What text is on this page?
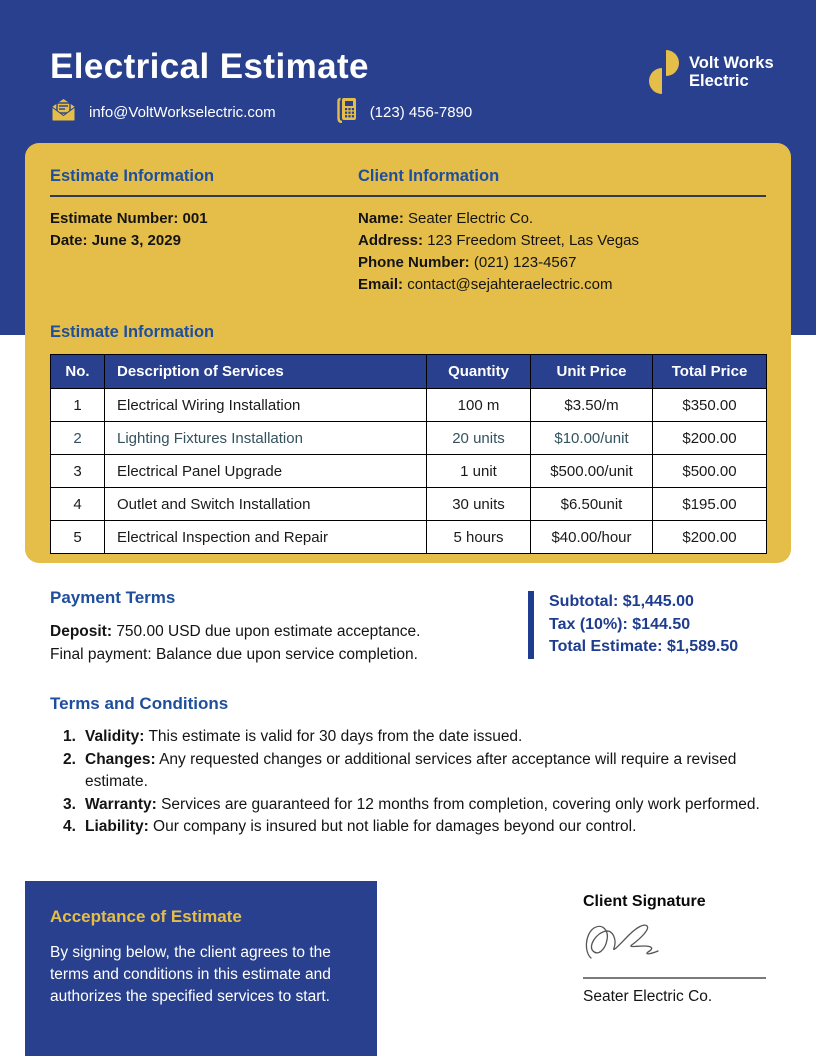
Electrical Estimate
info@VoltWorkselectric.com	(123) 456-7890
Volt Works
Electric
Estimate Information	Client Information
Estimate Number: 001
Date: June 3, 2029
Name: Seater Electric Co.
Address: 123 Freedom Street, Las Vegas
Phone Number: (021) 123-4567
Email: contact@sejahteraelectric.com
Estimate Information
No.	Description of Services	Quantity	Unit Price	Total Price
1	Electrical Wiring Installation	100 m	$3.50/m	$350.00
2	Lighting Fixtures Installation	20 units	$10.00/unit	$200.00
3	Electrical Panel Upgrade	1 unit	$500.00/unit	$500.00
4	Outlet and Switch Installation	30 units	$6.50unit	$195.00
5	Electrical Inspection and Repair	5 hours	$40.00/hour	$200.00
Payment Terms
Deposit: 750.00 USD due upon estimate acceptance.
Final payment: Balance due upon service completion.
Subtotal: $1,445.00
Tax (10%): $144.50
Total Estimate: $1,589.50
Terms and Conditions
1. Validity: This estimate is valid for 30 days from the date issued.
2. Changes: Any requested changes or additional services after acceptance will require a revised estimate.
3. Warranty: Services are guaranteed for 12 months from completion, covering only work performed.
4. Liability: Our company is insured but not liable for damages beyond our control.
Acceptance of Estimate
By signing below, the client agrees to the terms and conditions in this estimate and authorizes the specified services to start.
Client Signature
Seater Electric Co.
